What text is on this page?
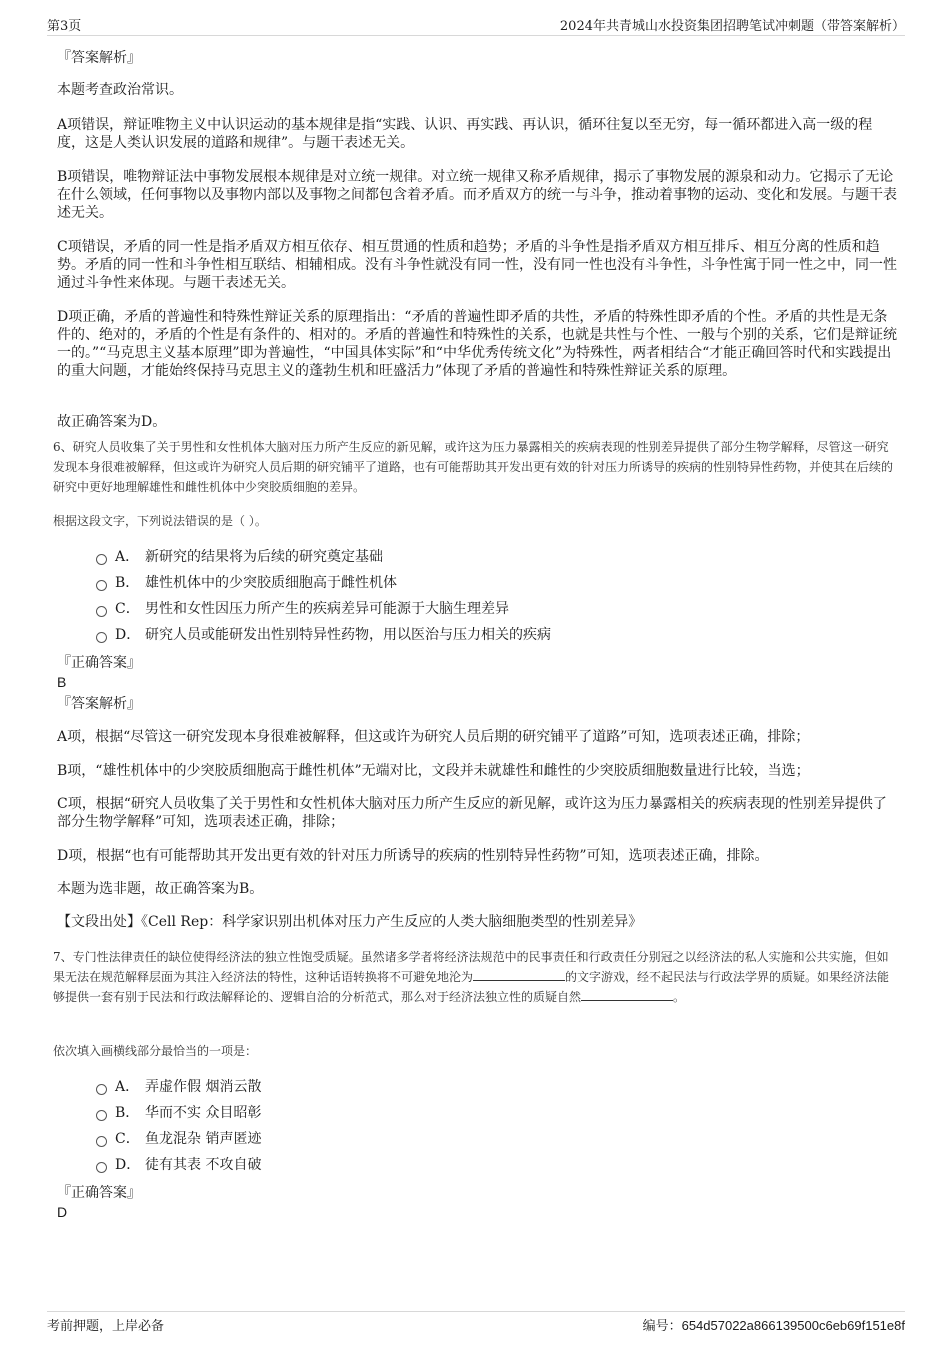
第3页	2024年共青城山水投资集团招聘笔试冲刺题（带答案解析）
『答案解析』
本题考查政治常识。
A项错误，辩证唯物主义中认识运动的基本规律是指“实践、认识、再实践、再认识，循环往复以至无穷，每一循环都进入高一级的程度，这是人类认识发展的道路和规律”。与题干表述无关。
B项错误，唯物辩证法中事物发展根本规律是对立统一规律。对立统一规律又称矛盾规律，揭示了事物发展的源泉和动力。它揭示了无论在什么领域，任何事物以及事物内部以及事物之间都包含着矛盾。而矛盾双方的统一与斗争，推动着事物的运动、变化和发展。与题干表述无关。
C项错误，矛盾的同一性是指矛盾双方相互依存、相互贯通的性质和趋势；矛盾的斗争性是指矛盾双方相互排斥、相互分离的性质和趋势。矛盾的同一性和斗争性相互联结、相辅相成。没有斗争性就没有同一性，没有同一性也没有斗争性，斗争性寓于同一性之中，同一性通过斗争性来体现。与题干表述无关。
D项正确，矛盾的普遍性和特殊性辩证关系的原理指出：“矛盾的普遍性即矛盾的共性，矛盾的特殊性即矛盾的个性。矛盾的共性是无条件的、绝对的，矛盾的个性是有条件的、相对的。矛盾的普遍性和特殊性的关系，也就是共性与个性、一般与个别的关系，它们是辩证统一的。”“马克思主义基本原理”即为普遍性，“中国具体实际”和“中华优秀传统文化”为特殊性，两者相结合“才能正确回答时代和实践提出的重大问题，才能始终保持马克思主义的蓬勃生机和旺盛活力”体现了矛盾的普遍性和特殊性辩证关系的原理。
故正确答案为D。
6、研究人员收集了关于男性和女性机体大脑对压力所产生反应的新见解，或许这为压力暴露相关的疾病表现的性别差异提供了部分生物学解释，尽管这一研究发现本身很难被解释，但这或许为研究人员后期的研究铺平了道路，也有可能帮助其开发出更有效的针对压力所诱导的疾病的性别特异性药物，并使其在后续的研究中更好地理解雄性和雌性机体中少突胶质细胞的差异。
根据这段文字，下列说法错误的是（ ）。
A． 新研究的结果将为后续的研究奠定基础
B． 雄性机体中的少突胶质细胞高于雌性机体
C． 男性和女性因压力所产生的疾病差异可能源于大脑生理差异
D． 研究人员或能研发出性别特异性药物，用以医治与压力相关的疾病
『正确答案』
B
『答案解析』
A项，根据“尽管这一研究发现本身很难被解释，但这或许为研究人员后期的研究铺平了道路”可知，选项表述正确，排除；
B项，“雄性机体中的少突胶质细胞高于雌性机体”无端对比，文段并未就雄性和雌性的少突胶质细胞数量进行比较，当选；
C项，根据“研究人员收集了关于男性和女性机体大脑对压力所产生反应的新见解，或许这为压力暴露相关的疾病表现的性别差异提供了部分生物学解释”可知，选项表述正确，排除；
D项，根据“也有可能帮助其开发出更有效的针对压力所诱导的疾病的性别特异性药物”可知，选项表述正确，排除。
本题为选非题，故正确答案为B。
【文段出处】《Cell Rep：科学家识别出机体对压力产生反应的人类大脑细胞类型的性别差异》
7、专门性法律责任的缺位使得经济法的独立性饱受质疑。虽然诸多学者将经济法规范中的民事责任和行政责任分别冠之以经济法的私人实施和公共实施，但如果无法在规范解释层面为其注入经济法的特性，这种话语转换将不可避免地沦为	的文字游戏，经不起民法与行政法学界的质疑。如果经济法能够提供一套有别于民法和行政法解释论的、逻辑自洽的分析范式，那么对于经济法独立性的质疑自然	。
依次填入画横线部分最恰当的一项是：
A． 弄虚作假 烟消云散
B． 华而不实 众目昭彰
C． 鱼龙混杂 销声匿迹
D． 徒有其表 不攻自破
『正确答案』
D
考前押题，上岸必备	编号：654d57022a866139500c6eb69f151e8f
